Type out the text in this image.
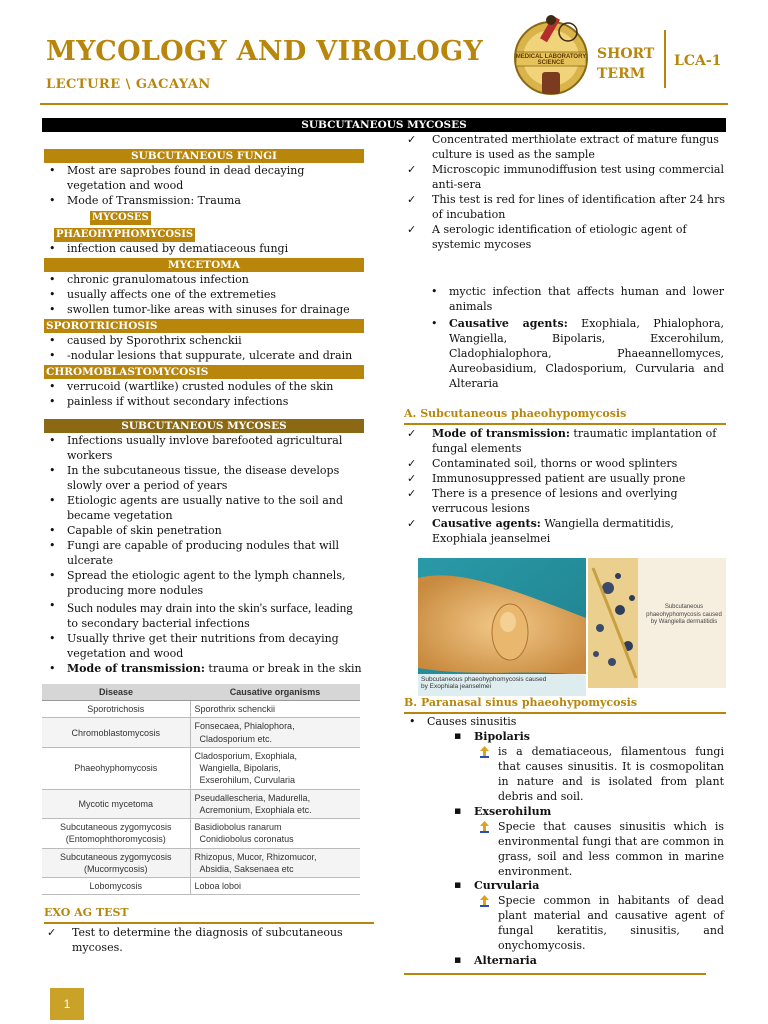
MYCOLOGY AND VIROLOGY
LECTURE \ GACAYAN
MEDICAL LABORATORY SCIENCE
SHORT
TERM
LCA-1
SUBCUTANEOUS MYCOSES
SUBCUTANEOUS FUNGI
• Most are saprobes found in dead decaying vegetation and wood
• Mode of Transmission: Trauma
MYCOSES
PHAEOHYPHOMYCOSIS
• infection caused by dematiaceous fungi
MYCETOMA
• chronic granulomatous infection
• usually affects one of the extremeties
• swollen tumor-like areas with sinuses for drainage
SPOROTRICHOSIS
• caused by Sporothrix schenckii
• -nodular lesions that suppurate, ulcerate and drain
CHROMOBLASTOMYCOSIS
• verrucoid (wartlike) crusted nodules of the skin
• painless if without secondary infections
SUBCUTANEOUS MYCOSES
• Infections usually invlove barefooted agricultural workers
• In the subcutaneous tissue, the disease develops slowly over a period of years
• Etiologic agents are usually native to the soil and became vegetation
• Capable of skin penetration
• Fungi are capable of producing nodules that will ulcerate
• Spread the etiologic agent to the lymph channels, producing more nodules
• Such nodules may drain into the skin's surface, leading to secondary bacterial infections
• Usually thrive get their nutritions from decaying vegetation and wood
• Mode of transmission: trauma or break in the skin
Disease	Causative organisms
Sporotrichosis	Sporothrix schenckii
Chromoblastomycosis	Fonsecaea, Phialophora,
Cladosporium etc.
Phaeohyphomycosis	Cladosporium, Exophiala,
Wangiella, Bipolaris,
Exserohilum, Curvularia
Mycotic mycetoma	Pseudallescheria, Madurella,
Acremonium, Exophiala etc.
Subcutaneous zygomycosis
(Entomophthoromycosis)	Basidiobolus ranarum
Conidiobolus coronatus
Subcutaneous zygomycosis
(Mucormycosis)	Rhizopus, Mucor, Rhizomucor,
Absidia, Saksenaea etc
Lobomycosis	Loboa loboi
EXO AG TEST
✓ Test to determine the diagnosis of subcutaneous mycoses.
✓ Concentrated merthiolate extract of mature fungus culture is used as the sample
✓ Microscopic immunodiffusion test using commercial anti-sera
✓ This test is red for lines of identification after 24 hrs of incubation
✓ A serologic identification of etiologic agent of systemic mycoses
• myctic infection that affects human and lower animals
• Causative agents: Exophiala, Phialophora, Wangiella, Bipolaris, Excerohilum, Cladophialophora, Phaeannellomyces, Aureobasidium, Cladosporium, Curvularia and Alteraria
A. Subcutaneous phaeohypomycosis
✓ Mode of transmission: traumatic implantation of fungal elements
✓ Contaminated soil, thorns or wood splinters
✓ Immunosuppressed patient are usually prone
✓ There is a presence of lesions and overlying verrucous lesions
✓ Causative agents: Wangiella dermatitidis, Exophiala jeanselmei
Subcutaneous phaeohyphomycosis caused by Exophiala jeanselmei
Subcutaneous phaeohyphomycosis caused by Wangiella dermatitidis
B. Paranasal sinus phaeohypomycosis
• Causes sinusitis
▪ Bipolaris
is a dematiaceous, filamentous fungi that causes sinusitis. It is cosmopolitan in nature and is isolated from plant debris and soil.
▪ Exserohilum
Specie that causes sinusitis which is environmental fungi that are common in grass, soil and less common in marine environment.
▪ Curvularia
Specie common in habitants of dead plant material and causative agent of fungal keratitis, sinusitis, and onychomycosis.
▪ Alternaria
1
